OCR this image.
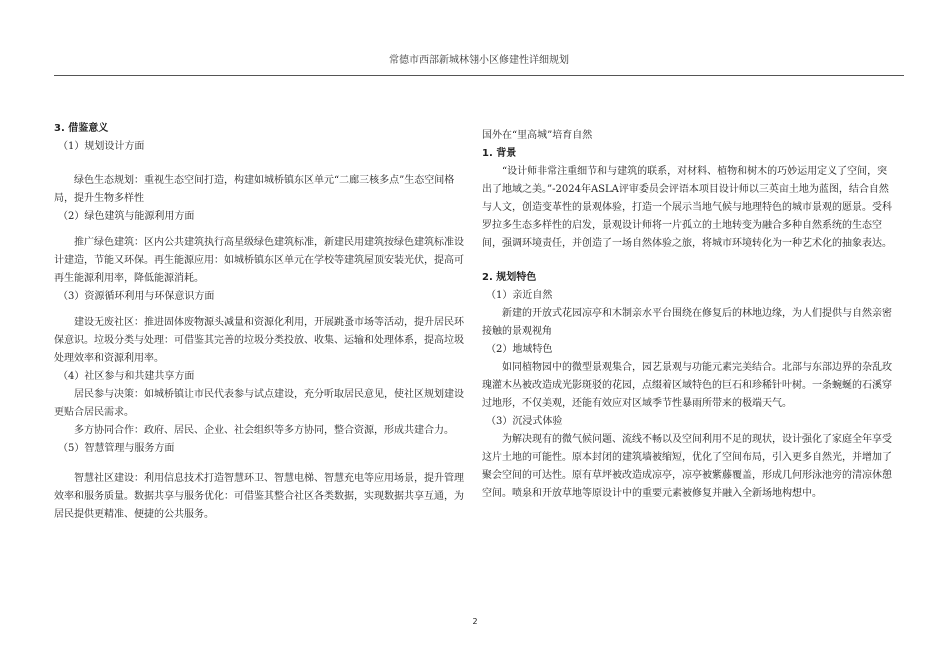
常德市西部新城林翎小区修建性详细规划

3. 借鉴意义

（1）规划设计方面

绿色生态规划：重视生态空间打造，构建如城桥镇东区单元“二廊三核多点”生态空间格局，提升生物多样性

（2）绿色建筑与能源利用方面

推广绿色建筑：区内公共建筑执行高星级绿色建筑标准，新建民用建筑按绿色建筑标准设计建造，节能又环保。再生能源应用：如城桥镇东区单元在学校等建筑屋顶安装光伏，提高可再生能源利用率，降低能源消耗。

（3）资源循环利用与环保意识方面

建设无废社区：推进固体废物源头减量和资源化利用，开展跳蚤市场等活动，提升居民环保意识。垃圾分类与处理：可借鉴其完善的垃圾分类投放、收集、运输和处理体系，提高垃圾处理效率和资源利用率。

（4）社区参与和共建共享方面

居民参与决策：如城桥镇让市民代表参与试点建设，充分听取居民意见，使社区规划建设更贴合居民需求。

多方协同合作：政府、居民、企业、社会组织等多方协同，整合资源，形成共建合力。

（5）智慧管理与服务方面

智慧社区建设：利用信息技术打造智慧环卫、智慧电梯、智慧充电等应用场景，提升管理效率和服务质量。数据共享与服务优化：可借鉴其整合社区各类数据，实现数据共享互通，为居民提供更精准、便捷的公共服务。

国外在“里高城”培育自然

1. 背景

“设计师非常注重细节和与建筑的联系，对材料、植物和树木的巧妙运用定义了空间，突出了地域之美。”-2024年ASLA评审委员会评语本项目设计师以三英亩土地为蓝图，结合自然与人文，创造变革性的景观体验，打造一个展示当地气候与地理特色的城市景观的愿景。受科罗拉多生态多样性的启发，景观设计师将一片孤立的土地转变为融合多种自然系统的生态空间，强调环境责任，并创造了一场自然体验之旅，将城市环境转化为一种艺术化的抽象表达。

2. 规划特色

（1）亲近自然

新建的开放式花园凉亭和木制亲水平台围绕在修复后的林地边缘，为人们提供与自然亲密接触的景观视角

（2）地域特色

如同植物园中的微型景观集合，园艺景观与功能元素完美结合。北部与东部边界的杂乱玫瑰灌木丛被改造成光影斑驳的花园，点缀着区域特色的巨石和珍稀针叶树。一条蜿蜒的石溪穿过地形，不仅美观，还能有效应对区域季节性暴雨所带来的极端天气。

（3）沉浸式体验

为解决现有的微气候问题、流线不畅以及空间利用不足的现状，设计强化了家庭全年享受这片土地的可能性。原本封闭的建筑墙被缩短，优化了空间布局，引入更多自然光，并增加了聚会空间的可达性。原有草坪被改造成凉亭，凉亭被紫藤覆盖，形成几何形泳池旁的清凉休憩空间。喷泉和开放草地等原设计中的重要元素被修复并融入全新场地构想中。

2
